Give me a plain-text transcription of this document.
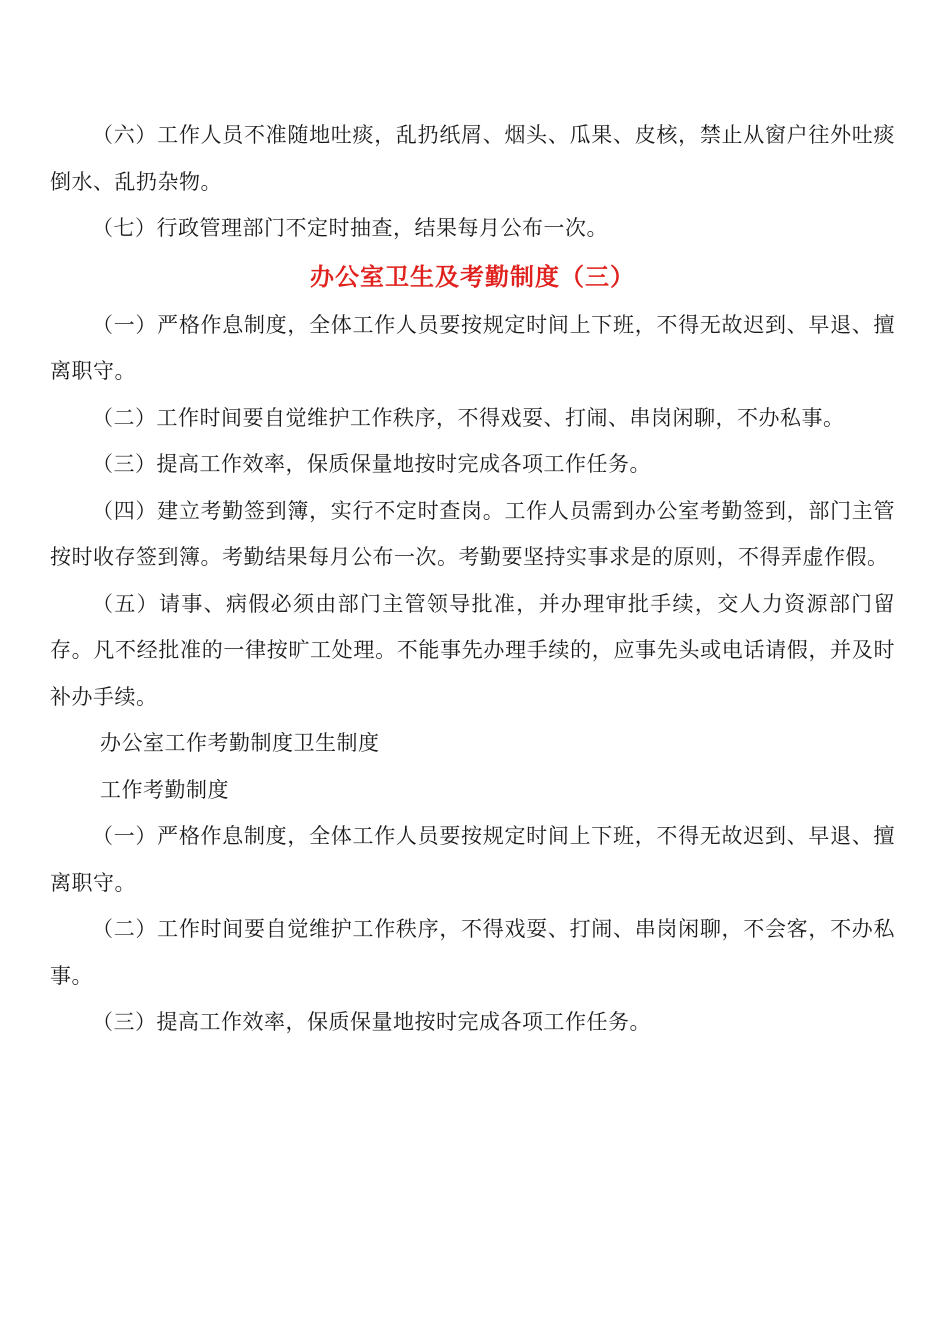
（六）工作人员不准随地吐痰，乱扔纸屑、烟头、瓜果、皮核，禁止从窗户往外吐痰倒水、乱扔杂物。

（七）行政管理部门不定时抽查，结果每月公布一次。

办公室卫生及考勤制度（三）

（一）严格作息制度，全体工作人员要按规定时间上下班，不得无故迟到、早退、擅离职守。

（二）工作时间要自觉维护工作秩序，不得戏耍、打闹、串岗闲聊，不办私事。

（三）提高工作效率，保质保量地按时完成各项工作任务。

（四）建立考勤签到簿，实行不定时查岗。工作人员需到办公室考勤签到，部门主管按时收存签到簿。考勤结果每月公布一次。考勤要坚持实事求是的原则，不得弄虚作假。

（五）请事、病假必须由部门主管领导批准，并办理审批手续，交人力资源部门留存。凡不经批准的一律按旷工处理。不能事先办理手续的，应事先头或电话请假，并及时补办手续。

办公室工作考勤制度卫生制度

工作考勤制度

（一）严格作息制度，全体工作人员要按规定时间上下班，不得无故迟到、早退、擅离职守。

（二）工作时间要自觉维护工作秩序，不得戏耍、打闹、串岗闲聊，不会客，不办私事。

（三）提高工作效率，保质保量地按时完成各项工作任务。
